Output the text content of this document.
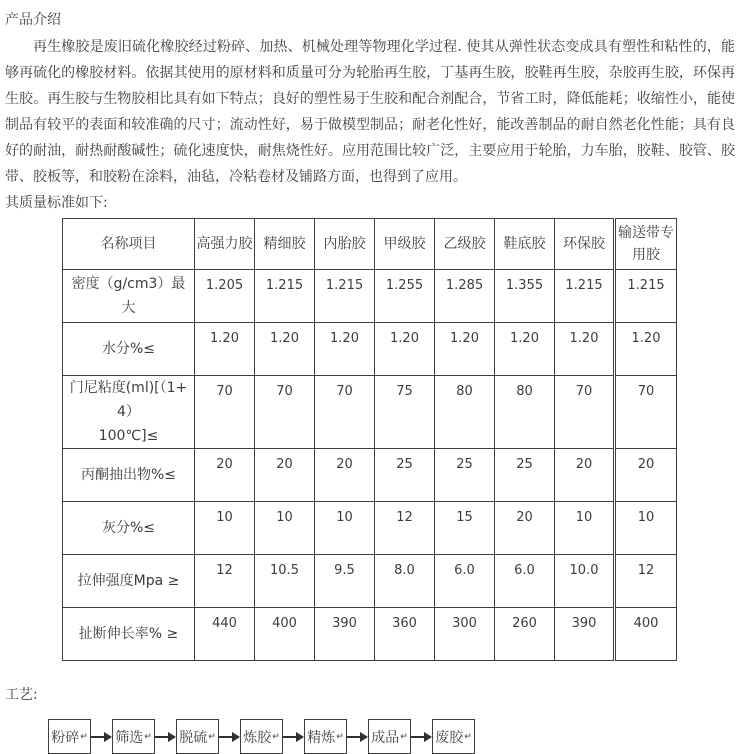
产品介绍

再生橡胶是废旧硫化橡胶经过粉碎、加热、机械处理等物理化学过程. 使其从弹性状态变成具有塑性和粘性的，能够再硫化的橡胶材料。依据其使用的原材料和质量可分为轮胎再生胶，丁基再生胶，胶鞋再生胶，杂胶再生胶，环保再生胶。再生胶与生物胶相比具有如下特点；良好的塑性易于生胶和配合剂配合，节省工时，降低能耗；收缩性小，能使制品有较平的表面和较准确的尺寸；流动性好，易于做模型制品；耐老化性好，能改善制品的耐自然老化性能；具有良好的耐油，耐热耐酸碱性；硫化速度快，耐焦烧性好。应用范围比较广泛，主要应用于轮胎，力车胎，胶鞋、胶管、胶带、胶板等，和胶粉在涂料，油毡，冷粘卷材及铺路方面，也得到了应用。

其质量标准如下:

名称项目	高强力胶	精细胶	内胎胶	甲级胶	乙级胶	鞋底胶	环保胶	输送带专用胶
密度（g/cm3）最大	1.205	1.215	1.215	1.255	1.285	1.355	1.215	1.215
水分%≤	1.20	1.20	1.20	1.20	1.20	1.20	1.20	1.20
门尼粘度(ml)[（1+4）
100℃]≤	70	70	70	75	80	80	70	70
丙酮抽出物%≤	20	20	20	25	25	25	20	20
灰分%≤	10	10	10	12	15	20	10	10
拉伸强度Mpa ≥	12	10.5	9.5	8.0	6.0	6.0	10.0	12
扯断伸长率% ≥	440	400	390	360	300	260	390	400

工艺:

粉碎 ↵ 筛选 ↵ 脱硫 ↵ 炼胶 ↵ 精炼 ↵ 成品 ↵ 废胶 ↵
